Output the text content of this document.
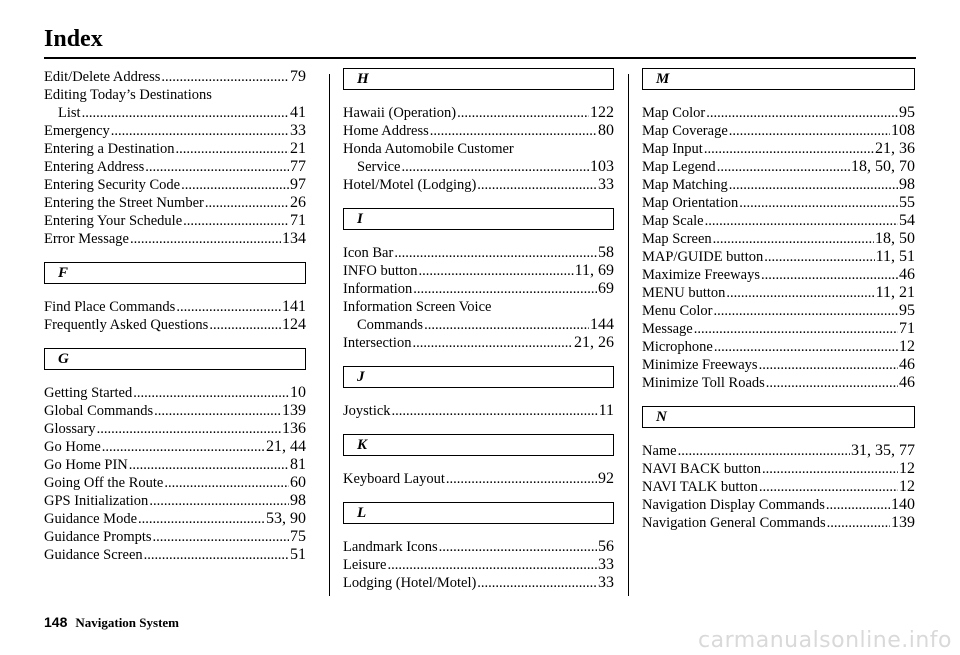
Index
Edit/Delete Address .....	79
Editing Today’s Destinations
List .....	41
Emergency .....	33
Entering a Destination .....	21
Entering Address .....	77
Entering Security Code .....	97
Entering the Street Number .....	26
Entering Your Schedule .....	71
Error Message .....	134
F
Find Place Commands .....	141
Frequently Asked Questions .....	124
G
Getting Started .....	10
Global Commands .....	139
Glossary .....	136
Go Home .....	21, 44
Go Home PIN .....	81
Going Off the Route .....	60
GPS Initialization .....	98
Guidance Mode .....	53, 90
Guidance Prompts .....	75
Guidance Screen .....	51
H
Hawaii (Operation) .....	122
Home Address .....	80
Honda Automobile Customer
Service .....	103
Hotel/Motel (Lodging) .....	33
I
Icon Bar .....	58
INFO button .....	11, 69
Information .....	69
Information Screen Voice
Commands .....	144
Intersection .....	21, 26
J
Joystick .....	11
K
Keyboard Layout .....	92
L
Landmark Icons .....	56
Leisure .....	33
Lodging (Hotel/Motel) .....	33
M
Map Color .....	95
Map Coverage .....	108
Map Input .....	21, 36
Map Legend .....	18, 50, 70
Map Matching .....	98
Map Orientation .....	55
Map Scale .....	54
Map Screen .....	18, 50
MAP/GUIDE button .....	11, 51
Maximize Freeways .....	46
MENU button .....	11, 21
Menu Color .....	95
Message .....	71
Microphone .....	12
Minimize Freeways .....	46
Minimize Toll Roads .....	46
N
Name .....	31, 35, 77
NAVI BACK button .....	12
NAVI TALK button .....	12
Navigation Display Commands .....	140
Navigation General Commands .....	139
148 Navigation System
carmanualsonline.info
